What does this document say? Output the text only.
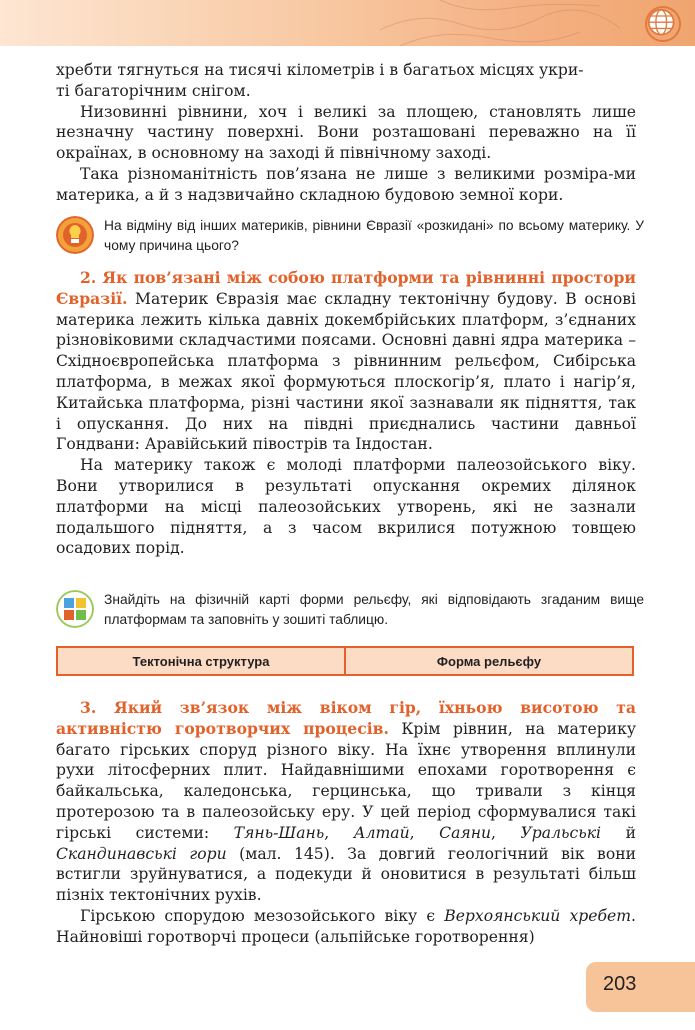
хребти тягнуться на тисячі кілометрів і в багатьох місцях укри-

ті багаторічним снігом.

Низовинні рівнини, хоч і великі за площею, становлять лише незначну частину поверхні. Вони розташовані переважно на її окраїнах, в основному на заході й північному заході.

Така різноманітність пов’язана не лише з великими розміра-ми материка, а й з надзвичайно складною будовою земної кори.

На відміну від інших материків, рівнини Євразії «розкидані» по всьому материку. У чому причина цього?

2. Як пов’язані між собою платформи та рівнинні простори Євразії. Материк Євразія має складну тектонічну будову. В основі материка лежить кілька давніх докембрійських платформ, з’єднаних різновіковими складчастими поясами. Основні давні ядра материка – Східноєвропейська платформа з рівнинним рельєфом, Сибірська платформа, в межах якої формуються плоскогір’я, плато і нагір’я, Китайська платформа, різні частини якої зазнавали як підняття, так і опускання. До них на півдні приєднались частини давньої Гондвани: Аравійський півострів та Індостан.

На материку також є молоді платформи палеозойського віку. Вони утворилися в результаті опускання окремих ділянок платформи на місці палеозойських утворень, які не зазнали подальшого підняття, а з часом вкрилися потужною товщею осадових порід.

Знайдіть на фізичній карті форми рельєфу, які відповідають згаданим вище платформам та заповніть у зошиті таблицю.
Тектонічна структура	Форма рельєфу

3. Який зв’язок між віком гір, їхньою висотою та активністю горотворчих процесів. Крім рівнин, на материку багато гірських споруд різного віку. На їхнє утворення вплинули рухи літосферних плит. Найдавнішими епохами горотворення є байкальська, каледонська, герцинська, що тривали з кінця протерозою та в палеозойську еру. У цей період сформувалися такі гірські системи: Тянь-Шань, Алтай, Саяни, Уральські й Скандинавські гори (мал. 145). За довгий геологічний вік вони встигли зруйнуватися, а подекуди й оновитися в результаті більш пізніх тектонічних рухів.

Гірською спорудою мезозойського віку є Верхоянський хребет. Найновіші горотворчі процеси (альпійське горотворення)

203
